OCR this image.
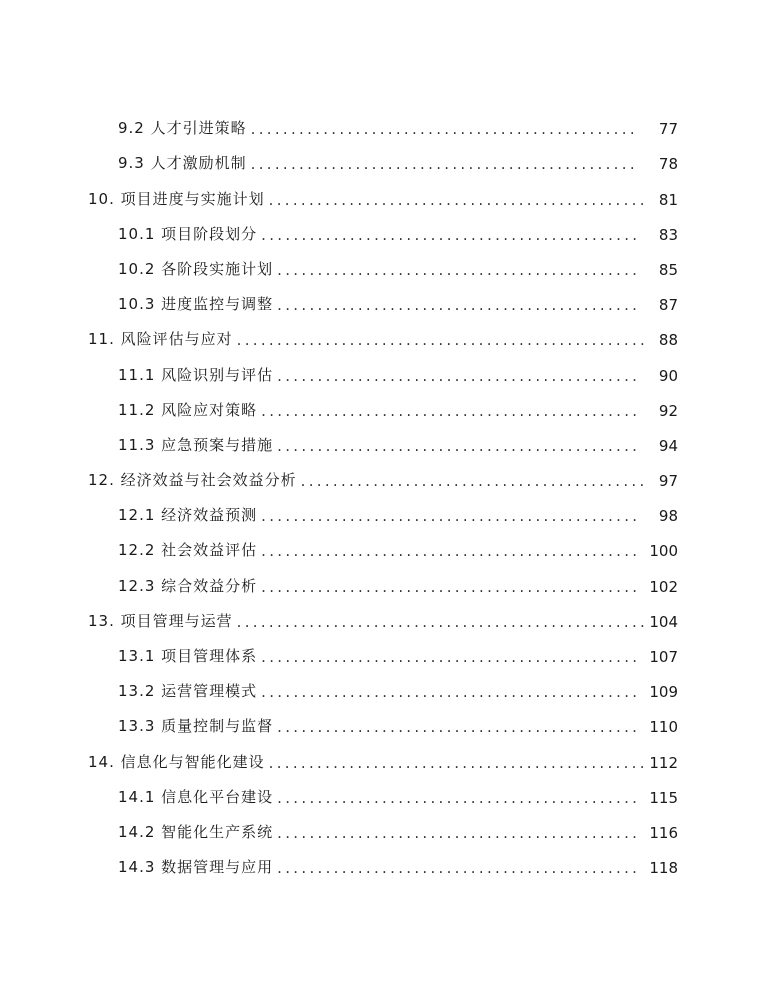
9.2 人才引进策略 .....	77
9.3 人才激励机制 .....	78
10. 项目进度与实施计划 .....	81
10.1 项目阶段划分 .....	83
10.2 各阶段实施计划 .....	85
10.3 进度监控与调整 .....	87
11. 风险评估与应对 .....	88
11.1 风险识别与评估 .....	90
11.2 风险应对策略 .....	92
11.3 应急预案与措施 .....	94
12. 经济效益与社会效益分析 .....	97
12.1 经济效益预测 .....	98
12.2 社会效益评估 .....	100
12.3 综合效益分析 .....	102
13. 项目管理与运营 .....	104
13.1 项目管理体系 .....	107
13.2 运营管理模式 .....	109
13.3 质量控制与监督 .....	110
14. 信息化与智能化建设 .....	112
14.1 信息化平台建设 .....	115
14.2 智能化生产系统 .....	116
14.3 数据管理与应用 .....	118
